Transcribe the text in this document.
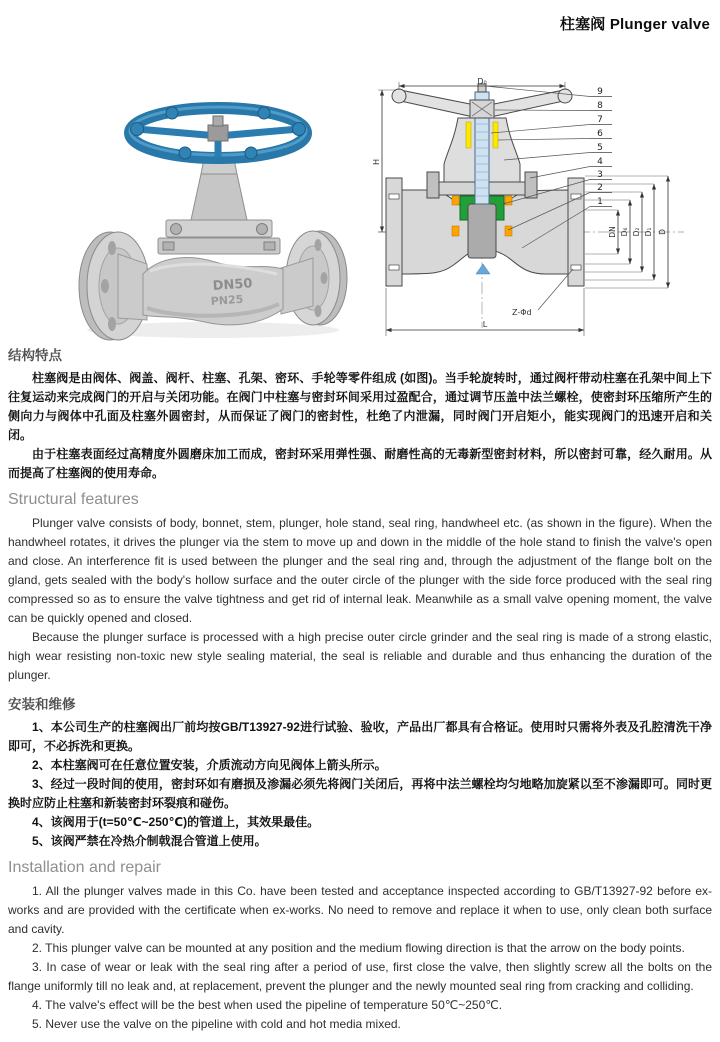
柱塞阀 Plunger valve
DN50
PN25
D₀
H
L
DN D₆ D₂ D₁ D
Z-Φd
9
8
7
6
5
4
3
2
1
结构特点

柱塞阀是由阀体、阀盖、阀杆、柱塞、孔架、密环、手轮等零件组成 (如图)。当手轮旋转时，通过阀杆带动柱塞在孔架中间上下往复运动来完成阀门的开启与关闭功能。在阀门中柱塞与密封环间采用过盈配合，通过调节压盖中法兰螺栓，使密封环压缩所产生的侧向力与阀体中孔面及柱塞外圆密封，从而保证了阀门的密封性，杜绝了内泄漏，同时阀门开启矩小，能实现阀门的迅速开启和关闭。

由于柱塞表面经过高精度外圆磨床加工而成，密封环采用弹性强、耐磨性高的无毒新型密封材料，所以密封可靠，经久耐用。从而提高了柱塞阀的使用寿命。

Structural features

Plunger valve consists of body, bonnet, stem, plunger, hole stand, seal ring, handwheel etc. (as shown in the figure). When the handwheel rotates, it drives the plunger via the stem to move up and down in the middle of the hole stand to finish the valve's open and close. An interference fit is used between the plunger and the seal ring and, through the adjustment of the flange bolt on the gland, gets sealed with the body's hollow surface and the outer circle of the plunger with the side force produced with the seal ring compressed so as to ensure the valve tightness and get rid of internal leak. Meanwhile as a small valve opening moment, the valve can be quickly opened and closed.

Because the plunger surface is processed with a high precise outer circle grinder and the seal ring is made of a strong elastic, high wear resisting non-toxic new style sealing material, the seal is reliable and durable and thus enhancing the duration of the plunger.

安装和维修

1、本公司生产的柱塞阀出厂前均按GB/T13927-92进行试验、验收，产品出厂都具有合格证。使用时只需将外表及孔腔清洗干净即可，不必拆洗和更换。

2、本柱塞阀可在任意位置安装，介质流动方向见阀体上箭头所示。

3、经过一段时间的使用，密封环如有磨损及渗漏必须先将阀门关闭后，再将中法兰螺栓均匀地略加旋紧以至不渗漏即可。同时更换时应防止柱塞和新装密封环裂痕和碰伤。

4、该阀用于(t=50℃~250℃)的管道上，其效果最佳。

5、该阀严禁在冷热介制戟混合管道上使用。

Installation and repair

1. All the plunger valves made in this Co. have been tested and acceptance inspected according to GB/T13927-92 before ex-works and are provided with the certificate when ex-works. No need to remove and replace it when to use, only clean both surface and cavity.

2. This plunger valve can be mounted at any position and the medium flowing direction is that the arrow on the body points.

3. In case of wear or leak with the seal ring after a period of use, first close the valve, then slightly screw all the bolts on the flange uniformly till no leak and, at replacement, prevent the plunger and the newly mounted seal ring from cracking and colliding.

4. The valve's effect will be the best when used the pipeline of temperature 50℃~250℃.

5. Never use the valve on the pipeline with cold and hot media mixed.
